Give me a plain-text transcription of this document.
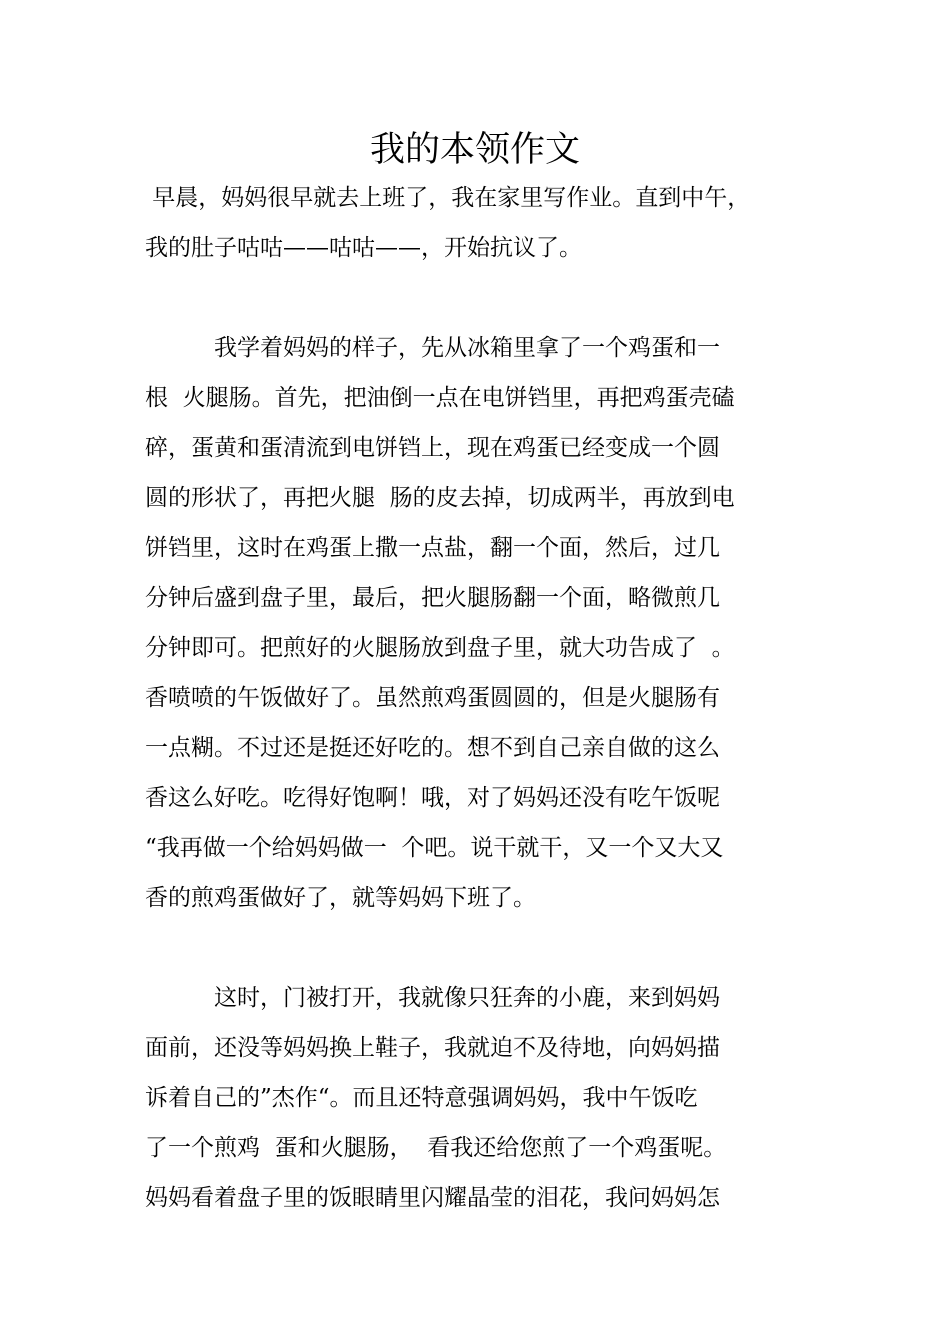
我的本领作文

早晨，妈妈很早就去上班了，我在家里写作业。直到中午，

我的肚子咕咕——咕咕——，开始抗议了。

　　　我学着妈妈的样子，先从冰箱里拿了一个鸡蛋和一

根  火腿肠。首先，把油倒一点在电饼铛里，再把鸡蛋壳磕

碎，蛋黄和蛋清流到电饼铛上，现在鸡蛋已经变成一个圆

圆的形状了，再把火腿  肠的皮去掉，切成两半，再放到电

饼铛里，这时在鸡蛋上撒一点盐，翻一个面，然后，过几

分钟后盛到盘子里，最后，把火腿肠翻一个面，略微煎几

分钟即可。把煎好的火腿肠放到盘子里，就大功告成了  。

香喷喷的午饭做好了。虽然煎鸡蛋圆圆的，但是火腿肠有

一点糊。不过还是挺还好吃的。想不到自己亲自做的这么

香这么好吃。吃得好饱啊！哦，对了妈妈还没有吃午饭呢

“我再做一个给妈妈做一  个吧。说干就干，又一个又大又

香的煎鸡蛋做好了，就等妈妈下班了。

　　　这时，门被打开，我就像只狂奔的小鹿，来到妈妈

面前，还没等妈妈换上鞋子，我就迫不及待地，向妈妈描

诉着自己的”杰作“。而且还特意强调妈妈，我中午饭吃

了一个煎鸡  蛋和火腿肠，  看我还给您煎了一个鸡蛋呢。

妈妈看着盘子里的饭眼睛里闪耀晶莹的泪花，我问妈妈怎
